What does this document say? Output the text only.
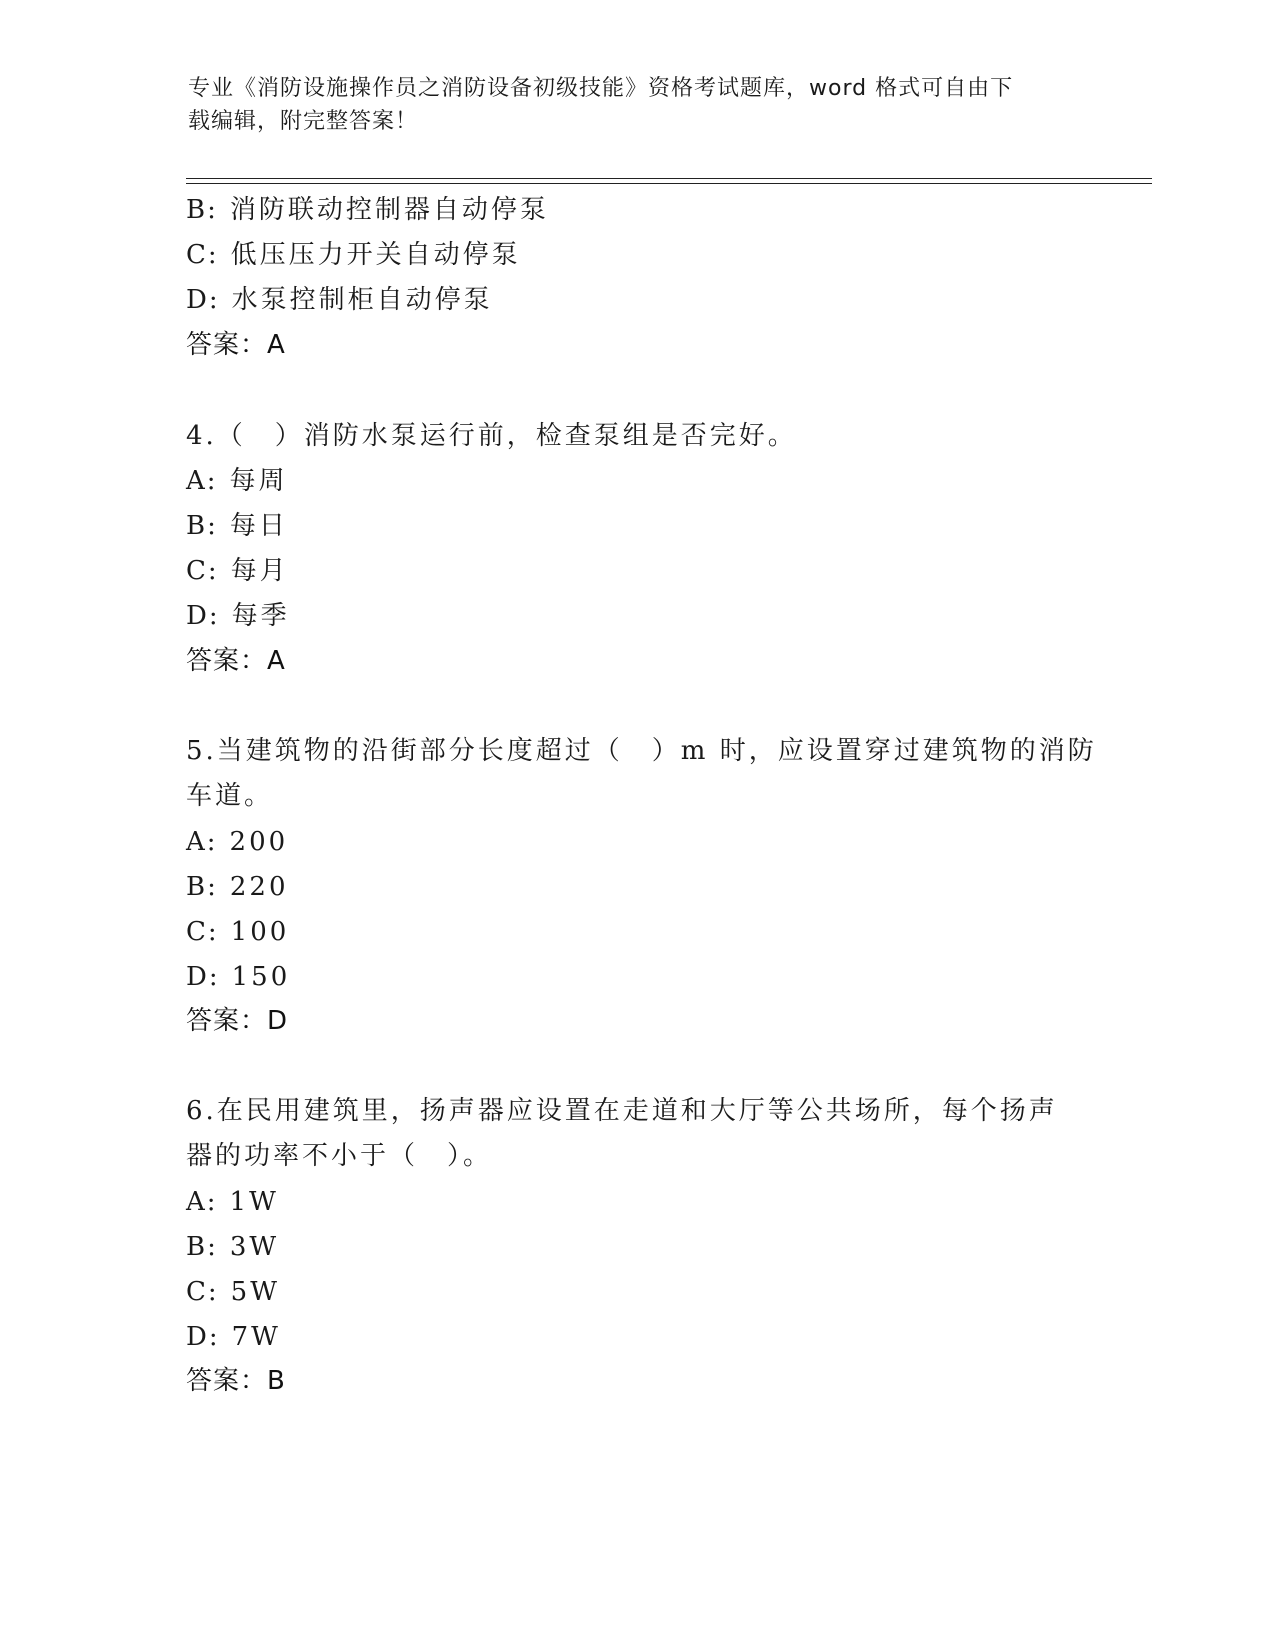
专业《消防设施操作员之消防设备初级技能》资格考试题库，word 格式可自由下
载编辑，附完整答案！
B: 消防联动控制器自动停泵
C: 低压压力开关自动停泵
D: 水泵控制柜自动停泵
答案：A
4.（　）消防水泵运行前，检查泵组是否完好。
A: 每周
B: 每日
C: 每月
D: 每季
答案：A
5.当建筑物的沿街部分长度超过（　）m 时，应设置穿过建筑物的消防
车道。
A: 200
B: 220
C: 100
D: 150
答案：D
6.在民用建筑里，扬声器应设置在走道和大厅等公共场所，每个扬声
器的功率不小于（　）。
A: 1W
B: 3W
C: 5W
D: 7W
答案：B
